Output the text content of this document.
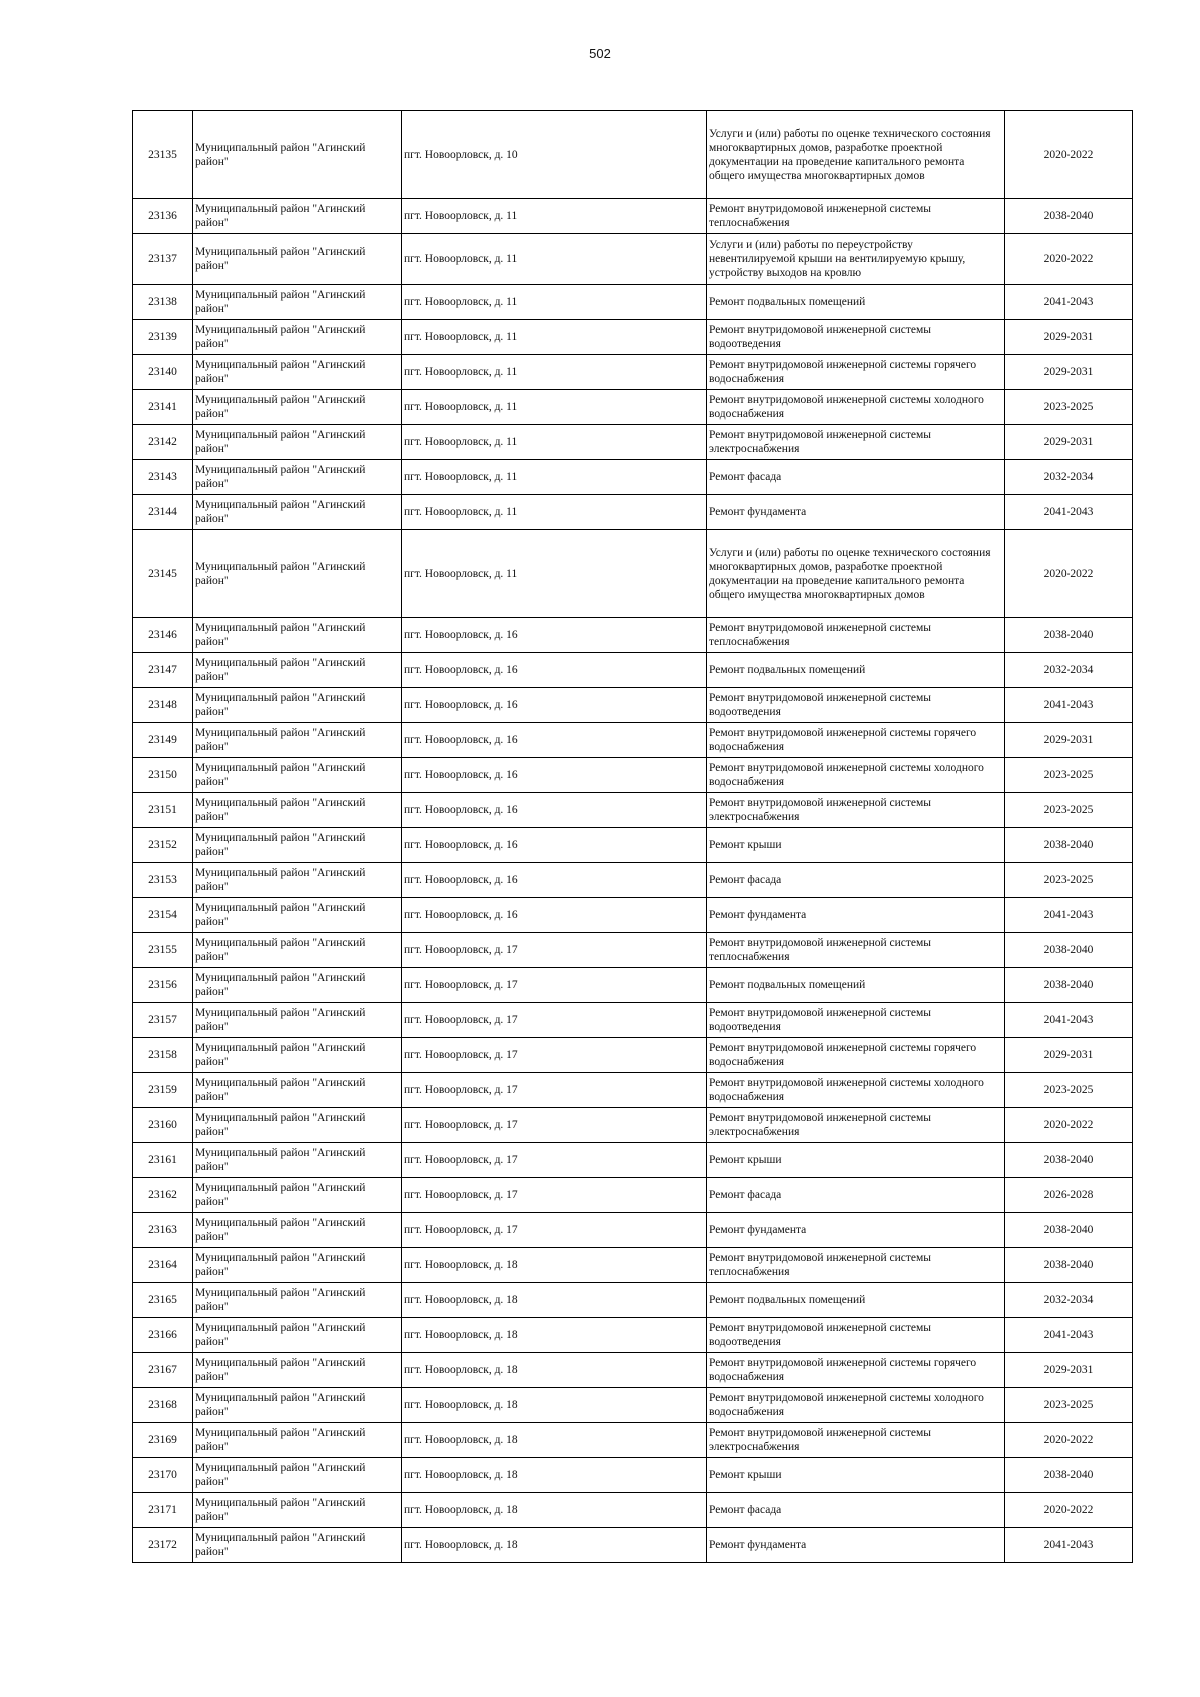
502
23135	Муниципальный район "Агинский район"	пгт. Новоорловск, д. 10	Услуги и (или) работы по оценке технического состояния многоквартирных домов, разработке проектной документации на проведение капитального ремонта общего имущества многоквартирных домов	2020-2022
23136	Муниципальный район "Агинский район"	пгт. Новоорловск, д. 11	Ремонт внутридомовой инженерной системы теплоснабжения	2038-2040
23137	Муниципальный район "Агинский район"	пгт. Новоорловск, д. 11	Услуги и (или) работы по переустройству невентилируемой крыши на вентилируемую крышу, устройству выходов на кровлю	2020-2022
23138	Муниципальный район "Агинский район"	пгт. Новоорловск, д. 11	Ремонт подвальных помещений	2041-2043
23139	Муниципальный район "Агинский район"	пгт. Новоорловск, д. 11	Ремонт внутридомовой инженерной системы водоотведения	2029-2031
23140	Муниципальный район "Агинский район"	пгт. Новоорловск, д. 11	Ремонт внутридомовой инженерной системы горячего водоснабжения	2029-2031
23141	Муниципальный район "Агинский район"	пгт. Новоорловск, д. 11	Ремонт внутридомовой инженерной системы холодного водоснабжения	2023-2025
23142	Муниципальный район "Агинский район"	пгт. Новоорловск, д. 11	Ремонт внутридомовой инженерной системы электроснабжения	2029-2031
23143	Муниципальный район "Агинский район"	пгт. Новоорловск, д. 11	Ремонт фасада	2032-2034
23144	Муниципальный район "Агинский район"	пгт. Новоорловск, д. 11	Ремонт фундамента	2041-2043
23145	Муниципальный район "Агинский район"	пгт. Новоорловск, д. 11	Услуги и (или) работы по оценке технического состояния многоквартирных домов, разработке проектной документации на проведение капитального ремонта общего имущества многоквартирных домов	2020-2022
23146	Муниципальный район "Агинский район"	пгт. Новоорловск, д. 16	Ремонт внутридомовой инженерной системы теплоснабжения	2038-2040
23147	Муниципальный район "Агинский район"	пгт. Новоорловск, д. 16	Ремонт подвальных помещений	2032-2034
23148	Муниципальный район "Агинский район"	пгт. Новоорловск, д. 16	Ремонт внутридомовой инженерной системы водоотведения	2041-2043
23149	Муниципальный район "Агинский район"	пгт. Новоорловск, д. 16	Ремонт внутридомовой инженерной системы горячего водоснабжения	2029-2031
23150	Муниципальный район "Агинский район"	пгт. Новоорловск, д. 16	Ремонт внутридомовой инженерной системы холодного водоснабжения	2023-2025
23151	Муниципальный район "Агинский район"	пгт. Новоорловск, д. 16	Ремонт внутридомовой инженерной системы электроснабжения	2023-2025
23152	Муниципальный район "Агинский район"	пгт. Новоорловск, д. 16	Ремонт крыши	2038-2040
23153	Муниципальный район "Агинский район"	пгт. Новоорловск, д. 16	Ремонт фасада	2023-2025
23154	Муниципальный район "Агинский район"	пгт. Новоорловск, д. 16	Ремонт фундамента	2041-2043
23155	Муниципальный район "Агинский район"	пгт. Новоорловск, д. 17	Ремонт внутридомовой инженерной системы теплоснабжения	2038-2040
23156	Муниципальный район "Агинский район"	пгт. Новоорловск, д. 17	Ремонт подвальных помещений	2038-2040
23157	Муниципальный район "Агинский район"	пгт. Новоорловск, д. 17	Ремонт внутридомовой инженерной системы водоотведения	2041-2043
23158	Муниципальный район "Агинский район"	пгт. Новоорловск, д. 17	Ремонт внутридомовой инженерной системы горячего водоснабжения	2029-2031
23159	Муниципальный район "Агинский район"	пгт. Новоорловск, д. 17	Ремонт внутридомовой инженерной системы холодного водоснабжения	2023-2025
23160	Муниципальный район "Агинский район"	пгт. Новоорловск, д. 17	Ремонт внутридомовой инженерной системы электроснабжения	2020-2022
23161	Муниципальный район "Агинский район"	пгт. Новоорловск, д. 17	Ремонт крыши	2038-2040
23162	Муниципальный район "Агинский район"	пгт. Новоорловск, д. 17	Ремонт фасада	2026-2028
23163	Муниципальный район "Агинский район"	пгт. Новоорловск, д. 17	Ремонт фундамента	2038-2040
23164	Муниципальный район "Агинский район"	пгт. Новоорловск, д. 18	Ремонт внутридомовой инженерной системы теплоснабжения	2038-2040
23165	Муниципальный район "Агинский район"	пгт. Новоорловск, д. 18	Ремонт подвальных помещений	2032-2034
23166	Муниципальный район "Агинский район"	пгт. Новоорловск, д. 18	Ремонт внутридомовой инженерной системы водоотведения	2041-2043
23167	Муниципальный район "Агинский район"	пгт. Новоорловск, д. 18	Ремонт внутридомовой инженерной системы горячего водоснабжения	2029-2031
23168	Муниципальный район "Агинский район"	пгт. Новоорловск, д. 18	Ремонт внутридомовой инженерной системы холодного водоснабжения	2023-2025
23169	Муниципальный район "Агинский район"	пгт. Новоорловск, д. 18	Ремонт внутридомовой инженерной системы электроснабжения	2020-2022
23170	Муниципальный район "Агинский район"	пгт. Новоорловск, д. 18	Ремонт крыши	2038-2040
23171	Муниципальный район "Агинский район"	пгт. Новоорловск, д. 18	Ремонт фасада	2020-2022
23172	Муниципальный район "Агинский район"	пгт. Новоорловск, д. 18	Ремонт фундамента	2041-2043
